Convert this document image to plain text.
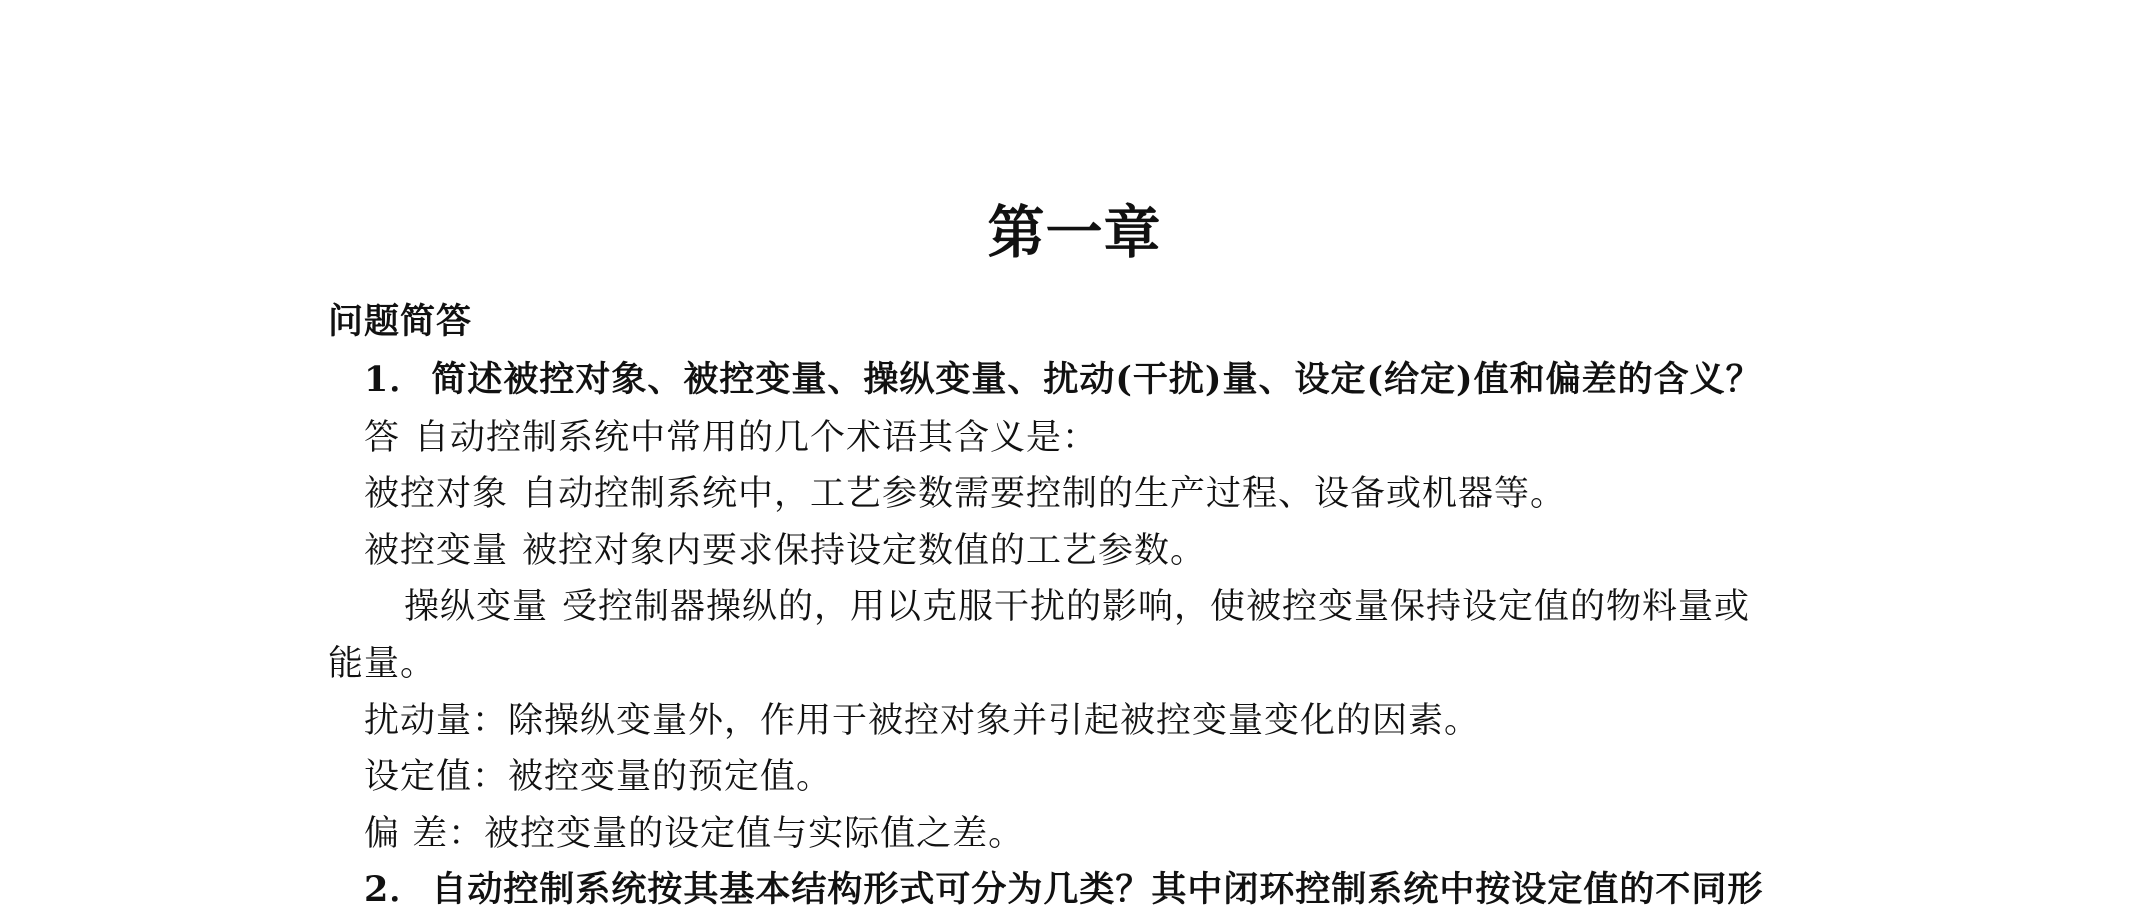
第一章
问题简答
1． 简述被控对象、被控变量、操纵变量、扰动(干扰)量、设定(给定)值和偏差的含义？
答 自动控制系统中常用的几个术语其含义是：
被控对象 自动控制系统中，工艺参数需要控制的生产过程、设备或机器等。
被控变量 被控对象内要求保持设定数值的工艺参数。
操纵变量 受控制器操纵的，用以克服干扰的影响，使被控变量保持设定值的物料量或
能量。
扰动量：除操纵变量外，作用于被控对象并引起被控变量变化的因素。
设定值：被控变量的预定值。
偏 差：被控变量的设定值与实际值之差。
2． 自动控制系统按其基本结构形式可分为几类？其中闭环控制系统中按设定值的不同形
